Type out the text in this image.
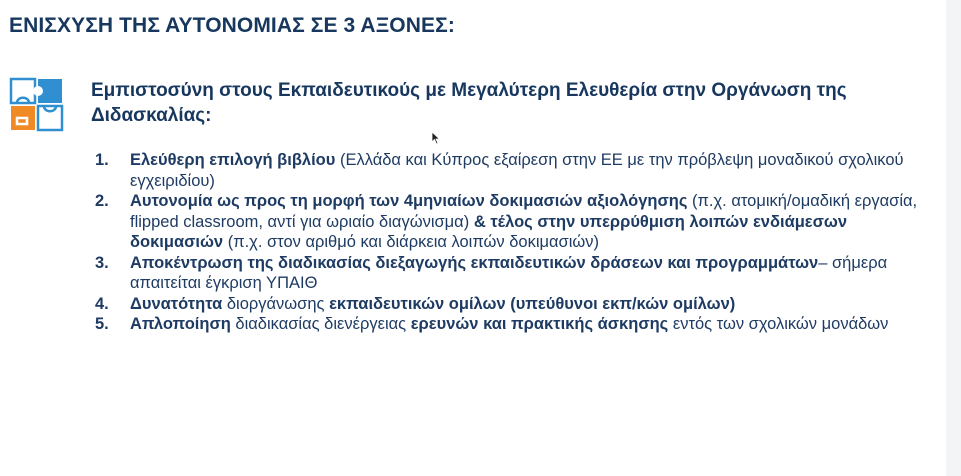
ΕΝΙΣΧΥΣΗ ΤΗΣ ΑΥΤΟΝΟΜΙΑΣ ΣΕ 3 ΑΞΟΝΕΣ:
Εμπιστοσύνη στους Εκπαιδευτικούς με Μεγαλύτερη Ελευθερία στην Οργάνωση της Διδασκαλίας:
1. Ελεύθερη επιλογή βιβλίου (Ελλάδα και Κύπρος εξαίρεση στην ΕΕ με την πρόβλεψη μοναδικού σχολικού εγχειριδίου)
2. Αυτονομία ως προς τη μορφή των 4μηνιαίων δοκιμασιών αξιολόγησης (π.χ. ατομική/ομαδική εργασία, flipped classroom, αντί για ωριαίο διαγώνισμα) & τέλος στην υπερρύθμιση λοιπών ενδιάμεσων δοκιμασιών (π.χ. στον αριθμό και διάρκεια λοιπών δοκιμασιών)
3. Αποκέντρωση της διαδικασίας διεξαγωγής εκπαιδευτικών δράσεων και προγραμμάτων– σήμερα απαιτείται έγκριση ΥΠΑΙΘ
4. Δυνατότητα διοργάνωσης εκπαιδευτικών ομίλων (υπεύθυνοι εκπ/κών ομίλων)
5. Απλοποίηση διαδικασίας διενέργειας ερευνών και πρακτικής άσκησης εντός των σχολικών μονάδων
